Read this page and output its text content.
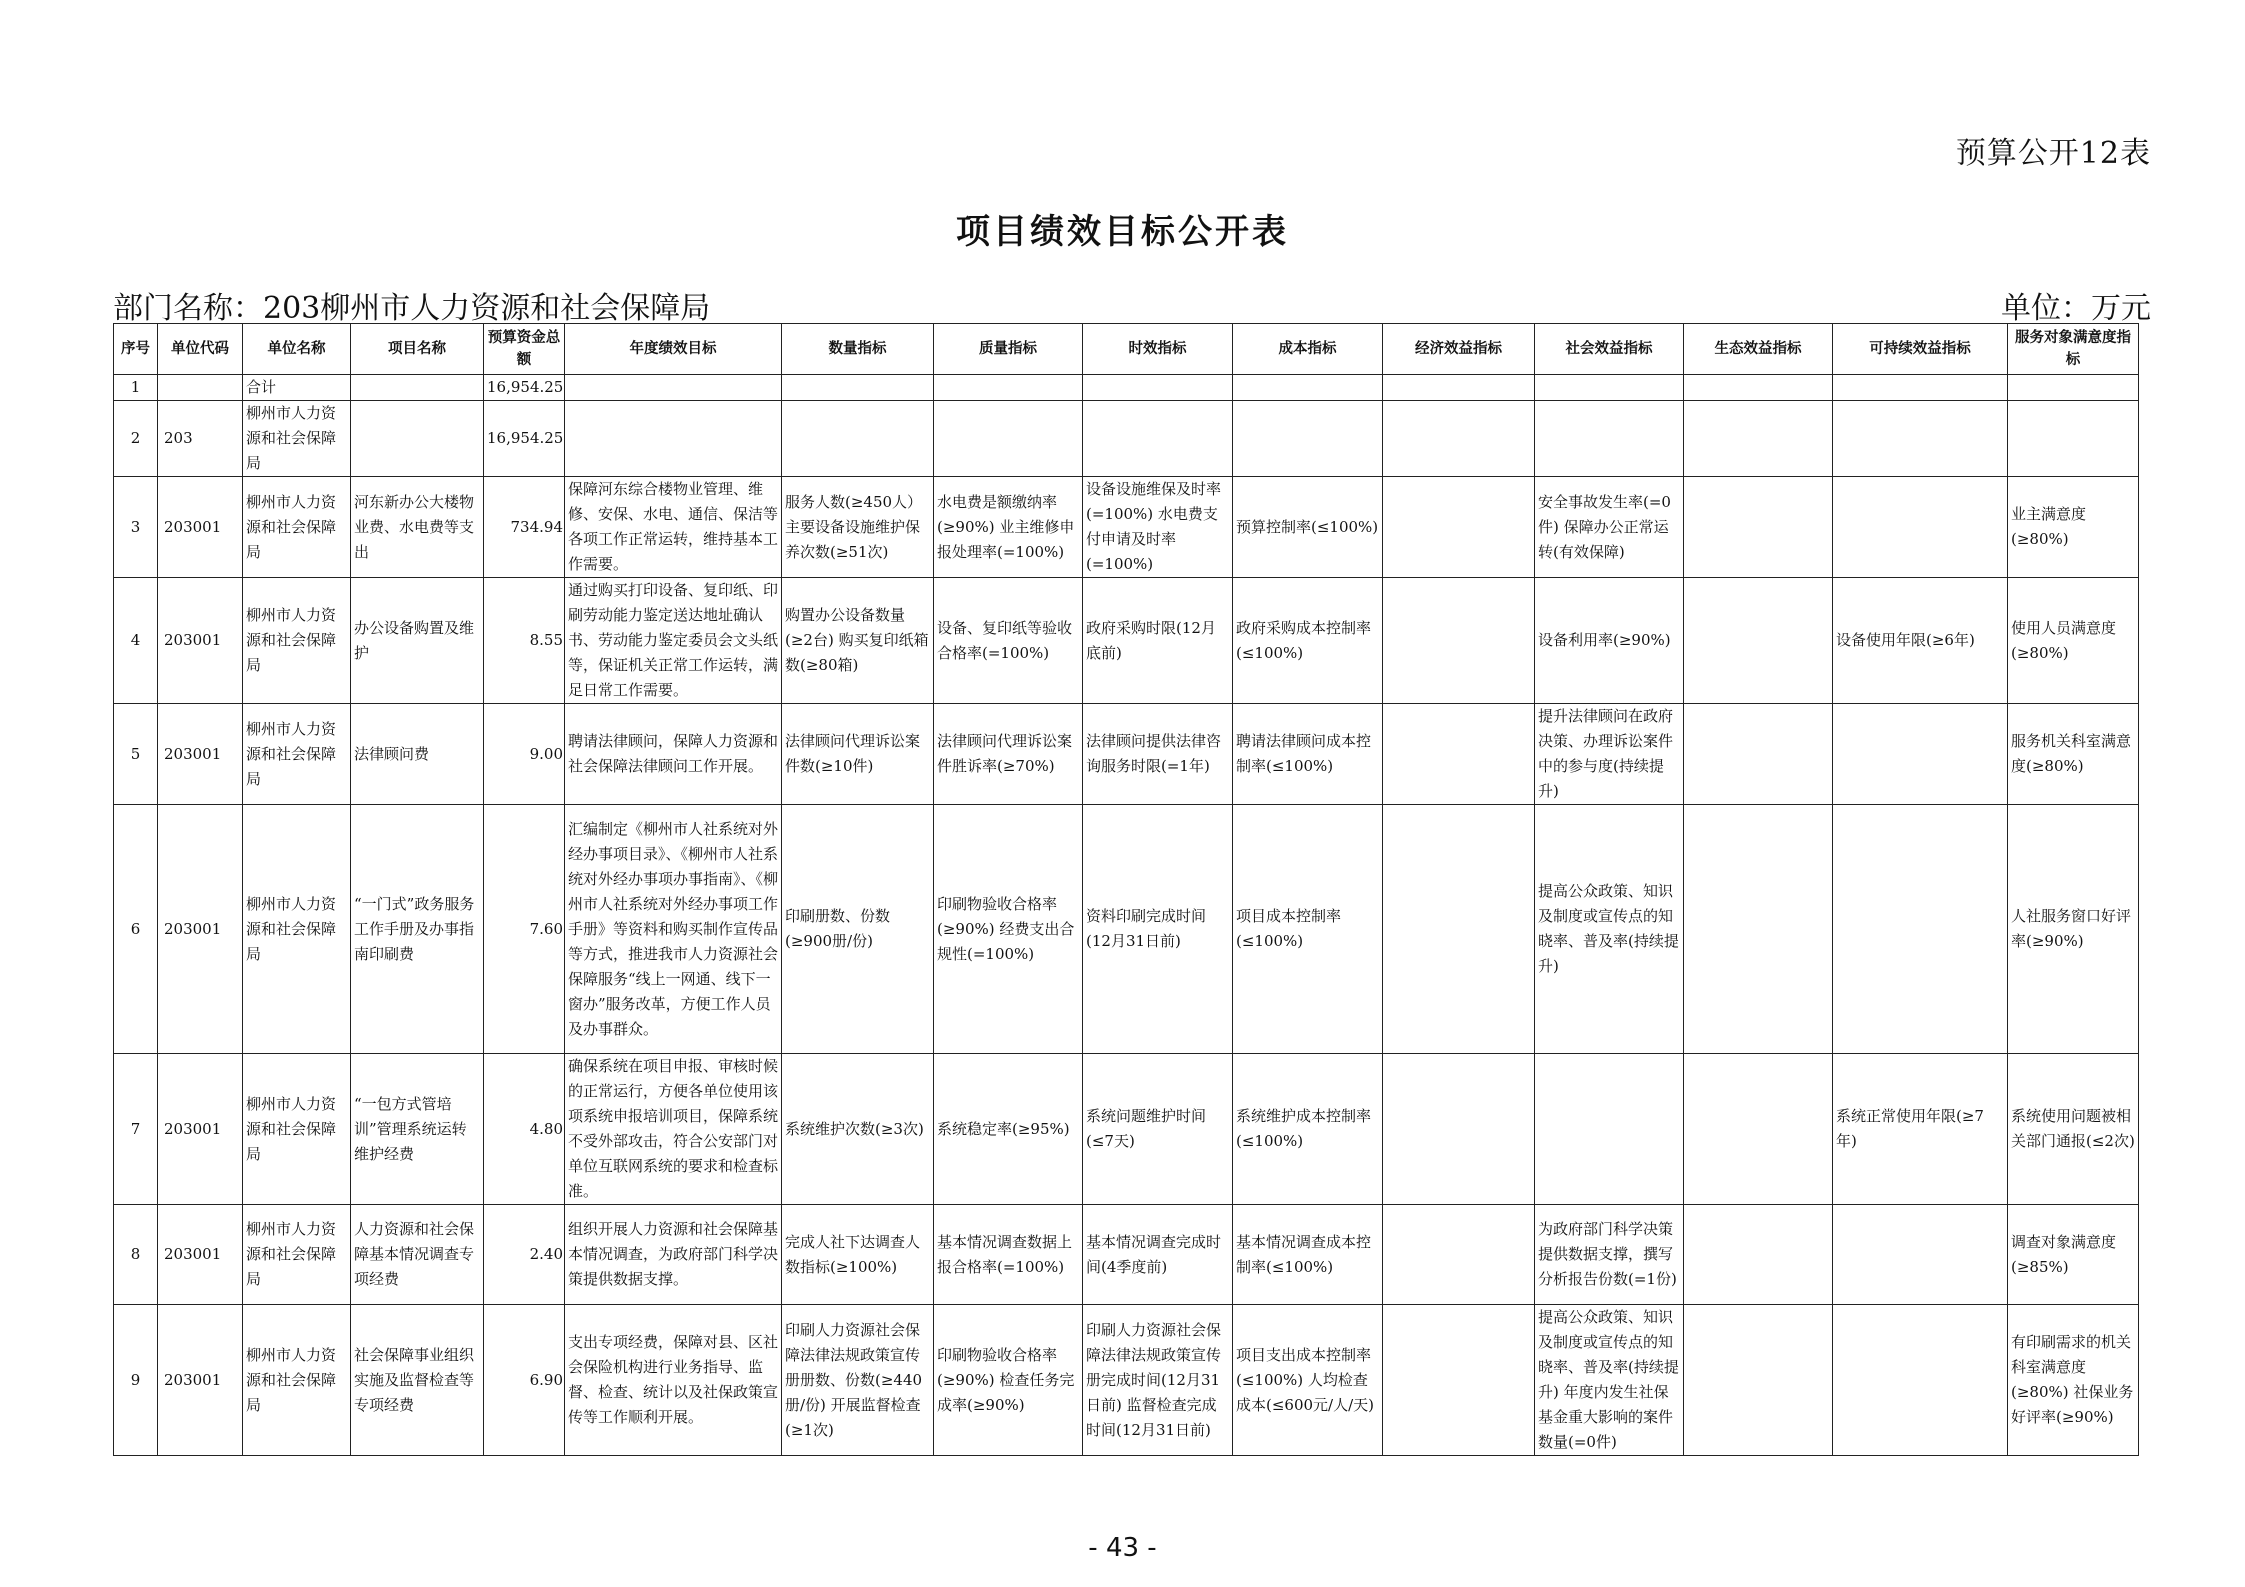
预算公开12表
项目绩效目标公开表
部门名称：203柳州市人力资源和社会保障局	单位：万元
序号	单位代码	单位名称	项目名称	预算资金总额	年度绩效目标	数量指标	质量指标	时效指标	成本指标	经济效益指标	社会效益指标	生态效益指标	可持续效益指标	服务对象满意度指标
1		合计		16,954.25										
2	203	柳州市人力资源和社会保障局		16,954.25										
3	203001	柳州市人力资源和社会保障局	河东新办公大楼物业费、水电费等支出	734.94	保障河东综合楼物业管理、维修、安保、水电、通信、保洁等各项工作正常运转，维持基本工作需要。	服务人数(≥450人）主要设备设施维护保养次数(≥51次)	水电费是额缴纳率(≥90%) 业主维修申报处理率(=100%)	设备设施维保及时率(=100%) 水电费支付申请及时率(=100%)	预算控制率(≤100%)		安全事故发生率(=0件) 保障办公正常运转(有效保障)			业主满意度(≥80%)
4	203001	柳州市人力资源和社会保障局	办公设备购置及维护	8.55	通过购买打印设备、复印纸、印刷劳动能力鉴定送达地址确认书、劳动能力鉴定委员会文头纸等，保证机关正常工作运转，满足日常工作需要。	购置办公设备数量(≥2台) 购买复印纸箱数(≥80箱)	设备、复印纸等验收合格率(=100%)	政府采购时限(12月底前)	政府采购成本控制率(≤100%)		设备利用率(≥90%)		设备使用年限(≥6年)	使用人员满意度(≥80%)
5	203001	柳州市人力资源和社会保障局	法律顾问费	9.00	聘请法律顾问，保障人力资源和社会保障法律顾问工作开展。	法律顾问代理诉讼案件数(≥10件)	法律顾问代理诉讼案件胜诉率(≥70%)	法律顾问提供法律咨询服务时限(=1年)	聘请法律顾问成本控制率(≤100%)		提升法律顾问在政府决策、办理诉讼案件中的参与度(持续提升)			服务机关科室满意度(≥80%)
6	203001	柳州市人力资源和社会保障局	“一门式”政务服务工作手册及办事指南印刷费	7.60	汇编制定《柳州市人社系统对外经办事项目录》、《柳州市人社系统对外经办事项办事指南》、《柳州市人社系统对外经办事项工作手册》等资料和购买制作宣传品等方式，推进我市人力资源社会保障服务“线上一网通、线下一窗办”服务改革，方便工作人员及办事群众。	印刷册数、份数(≥900册/份)	印刷物验收合格率(≥90%) 经费支出合规性(=100%)	资料印刷完成时间(12月31日前)	项目成本控制率(≤100%)		提高公众政策、知识及制度或宣传点的知晓率、普及率(持续提升)			人社服务窗口好评率(≥90%)
7	203001	柳州市人力资源和社会保障局	“一包方式管培训”管理系统运转维护经费	4.80	确保系统在项目申报、审核时候的正常运行，方便各单位使用该项系统申报培训项目，保障系统不受外部攻击，符合公安部门对单位互联网系统的要求和检查标准。	系统维护次数(≥3次)	系统稳定率(≥95%)	系统问题维护时间(≤7天)	系统维护成本控制率(≤100%)				系统正常使用年限(≥7年)	系统使用问题被相关部门通报(≤2次)
8	203001	柳州市人力资源和社会保障局	人力资源和社会保障基本情况调查专项经费	2.40	组织开展人力资源和社会保障基本情况调查，为政府部门科学决策提供数据支撑。	完成人社下达调查人数指标(≥100%)	基本情况调查数据上报合格率(=100%)	基本情况调查完成时间(4季度前)	基本情况调查成本控制率(≤100%)		为政府部门科学决策提供数据支撑，撰写分析报告份数(=1份)			调查对象满意度(≥85%)
9	203001	柳州市人力资源和社会保障局	社会保障事业组织实施及监督检查等专项经费	6.90	支出专项经费，保障对县、区社会保险机构进行业务指导、监督、检查、统计以及社保政策宣传等工作顺利开展。	印刷人力资源社会保障法律法规政策宣传册册数、份数(≥440册/份) 开展监督检查(≥1次)	印刷物验收合格率(≥90%) 检查任务完成率(≥90%)	印刷人力资源社会保障法律法规政策宣传册完成时间(12月31日前) 监督检查完成时间(12月31日前)	项目支出成本控制率(≤100%) 人均检查成本(≤600元/人/天)		提高公众政策、知识及制度或宣传点的知晓率、普及率(持续提升) 年度内发生社保基金重大影响的案件数量(=0件)			有印刷需求的机关科室满意度(≥80%) 社保业务好评率(≥90%)
- 43 -
